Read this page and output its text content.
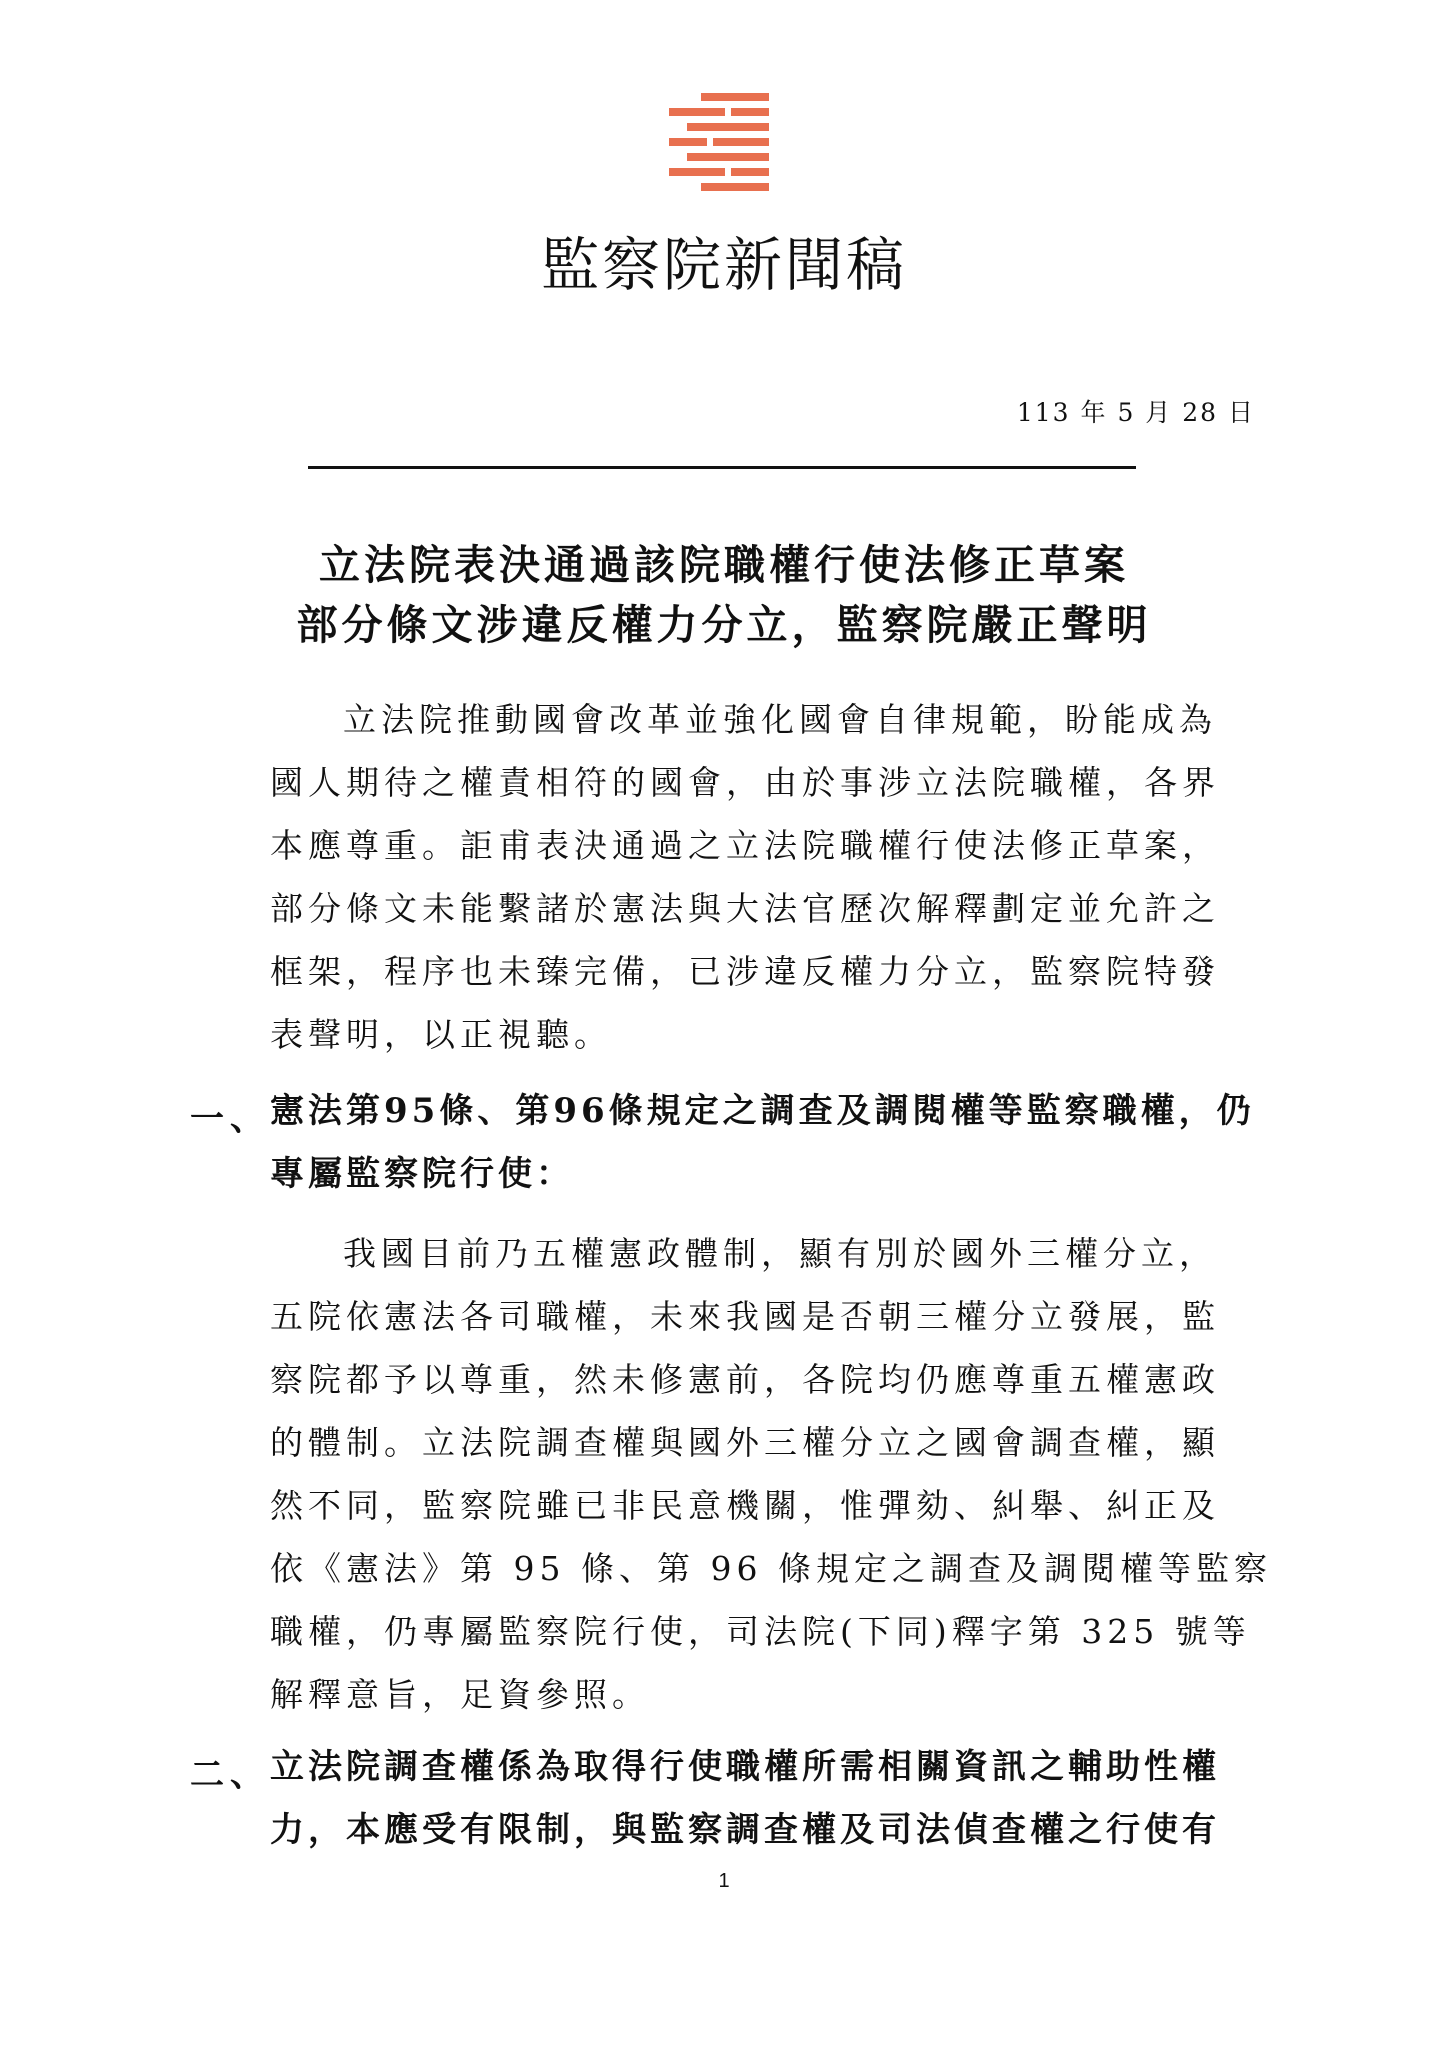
監察院新聞稿
113 年 5 月 28 日
立法院表決通過該院職權行使法修正草案
部分條文涉違反權力分立，監察院嚴正聲明

立法院推動國會改革並強化國會自律規範，盼能成為

國人期待之權責相符的國會，由於事涉立法院職權，各界

本應尊重。詎甫表決通過之立法院職權行使法修正草案，

部分條文未能繫諸於憲法與大法官歷次解釋劃定並允許之

框架，程序也未臻完備，已涉違反權力分立，監察院特發

表聲明，以正視聽。

一、 憲法第95條、第96條規定之調查及調閱權等監察職權，仍

專屬監察院行使：

我國目前乃五權憲政體制，顯有別於國外三權分立，

五院依憲法各司職權，未來我國是否朝三權分立發展，監

察院都予以尊重，然未修憲前，各院均仍應尊重五權憲政

的體制。立法院調查權與國外三權分立之國會調查權，顯

然不同，監察院雖已非民意機關，惟彈劾、糾舉、糾正及

依《憲法》第 95 條、第 96 條規定之調查及調閱權等監察

職權，仍專屬監察院行使，司法院(下同)釋字第 325 號等

解釋意旨，足資參照。

二、 立法院調查權係為取得行使職權所需相關資訊之輔助性權

力，本應受有限制，與監察調查權及司法偵查權之行使有

1
